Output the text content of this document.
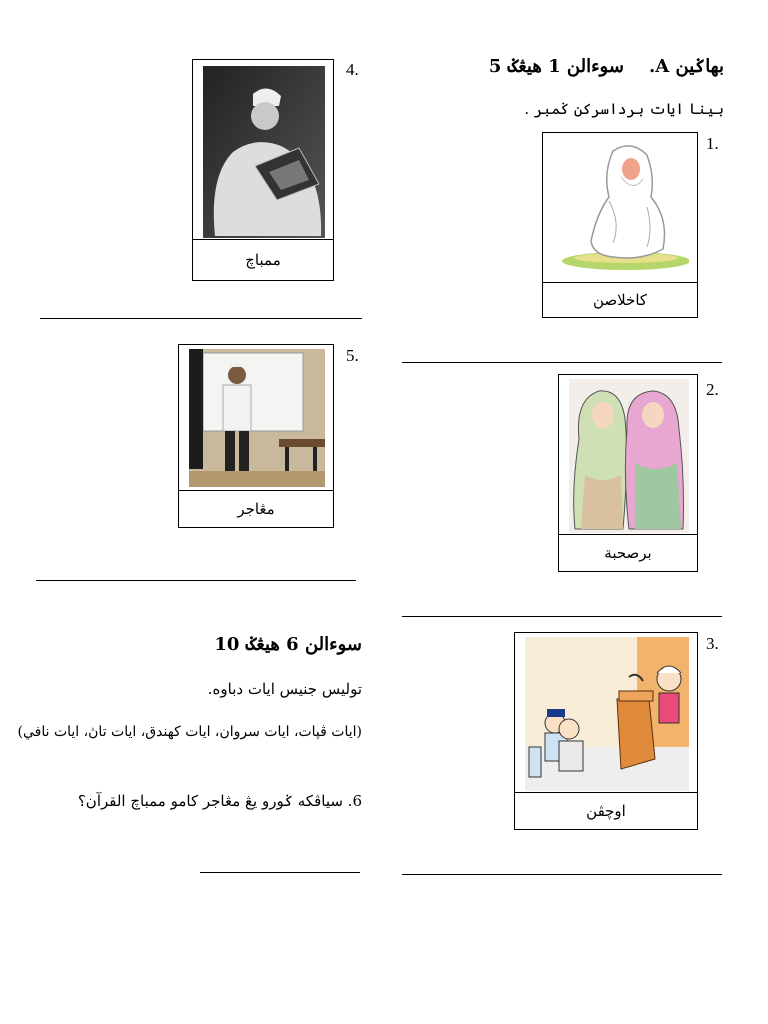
بهاݢين A.    سوءالن 1 هيڠݢ 5
بينا ايات برداسرکن ݢمبر .
1.
کاخلاصن
2.
برصحبة
3.
اوچڤن
4.
ممباچ
5.
مڠاجر
سوءالن 6 هيڠݢ 10
توليس جنيس ايات دباوه.
(ايات ڤڽات، ايات سروان، ايات کهندق، ايات تاڽ، ايات نافي)
6. سياڤکه ݢورو يڠ مڠاجر کامو ممباچ القرآن؟
